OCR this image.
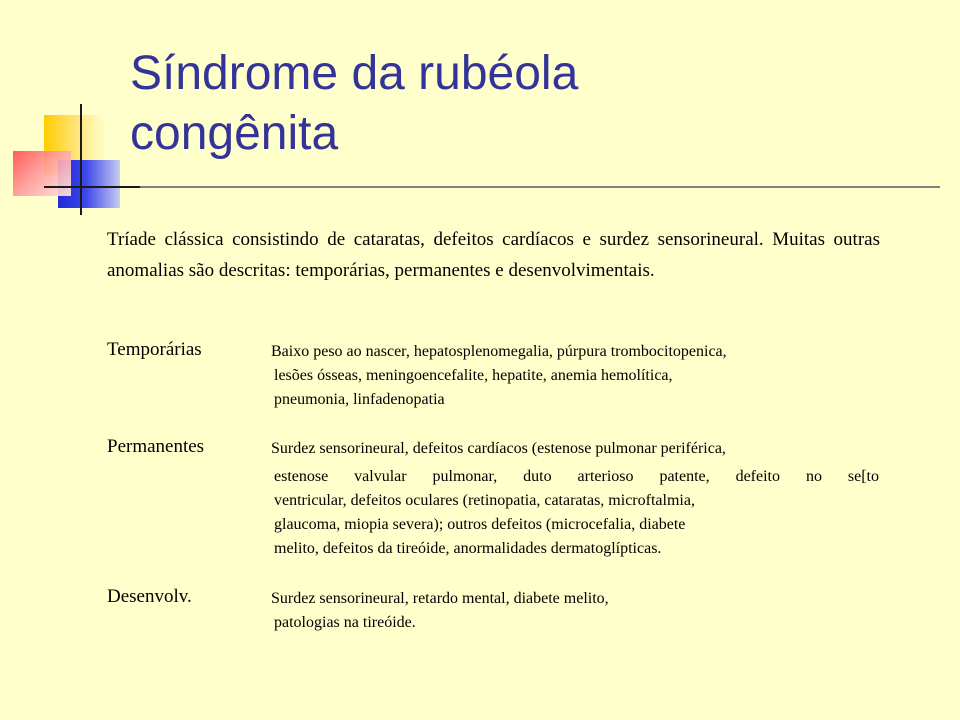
Síndrome da rubéola
congênita
Tríade clássica consistindo de cataratas, defeitos cardíacos e surdez sensorineural. Muitas outras anomalias são descritas: temporárias, permanentes e desenvolvimentais.
Temporárias	Baixo peso ao nascer, hepatosplenomegalia, púrpura trombocitopenica,
lesões ósseas, meningoencefalite, hepatite, anemia hemolítica,
pneumonia, linfadenopatia
Permanentes	Surdez sensorineural, defeitos cardíacos (estenose pulmonar periférica,
estenose valvular pulmonar, duto arterioso patente, defeito no se[to
ventricular, defeitos oculares (retinopatia, cataratas, microftalmia,
glaucoma, miopia severa); outros defeitos (microcefalia, diabete
melito, defeitos da tireóide, anormalidades dermatoglípticas.
Desenvolv.	Surdez sensorineural, retardo mental, diabete melito,
patologias na tireóide.
